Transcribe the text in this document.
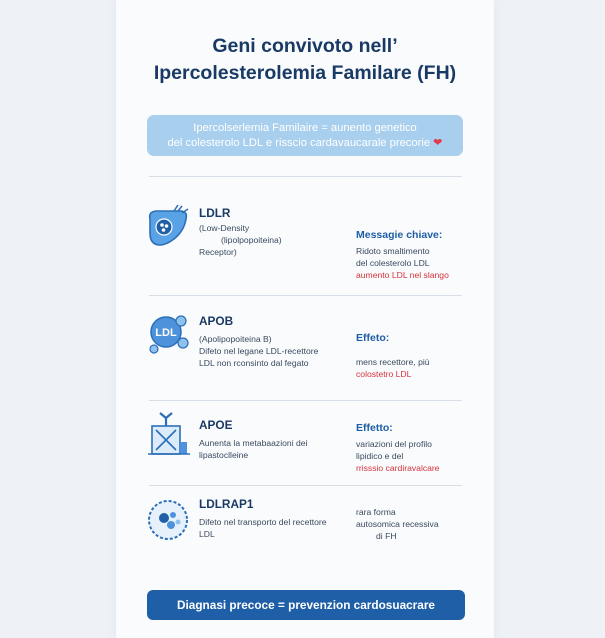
Geni convivoto nell’
Ipercolesterolemia Familare (FH)
Ipercolserlemia Familaire = aunento genetico
del colesterolo LDL e risscio cardavaucarale precorie ❤
LDLR
(Low-Density
(lipolpopoiteina)
Receptor)
Messagie chiave:
Ridoto smaltimento
del colesterolo LDL
aumento LDL nel slango
LDL
APOB
(Apolipopoiteina B)
Difeto nel legane LDL-recettore
LDL non rconsinto dal fegato
Effeto:
mens recettore, più
colostetro LDL
APOE
Aunenta la metabaazioni dei
lipastoclleine
Effetto:
variazioni del profilo
lipidico e del
rrisssio cardiravalcare
LDLRAP1
Difeto nel transporto del recettore
LDL
rara forma
autosomica recessiva
di FH
Diagnasi precoce = prevenzion cardosuacrare
